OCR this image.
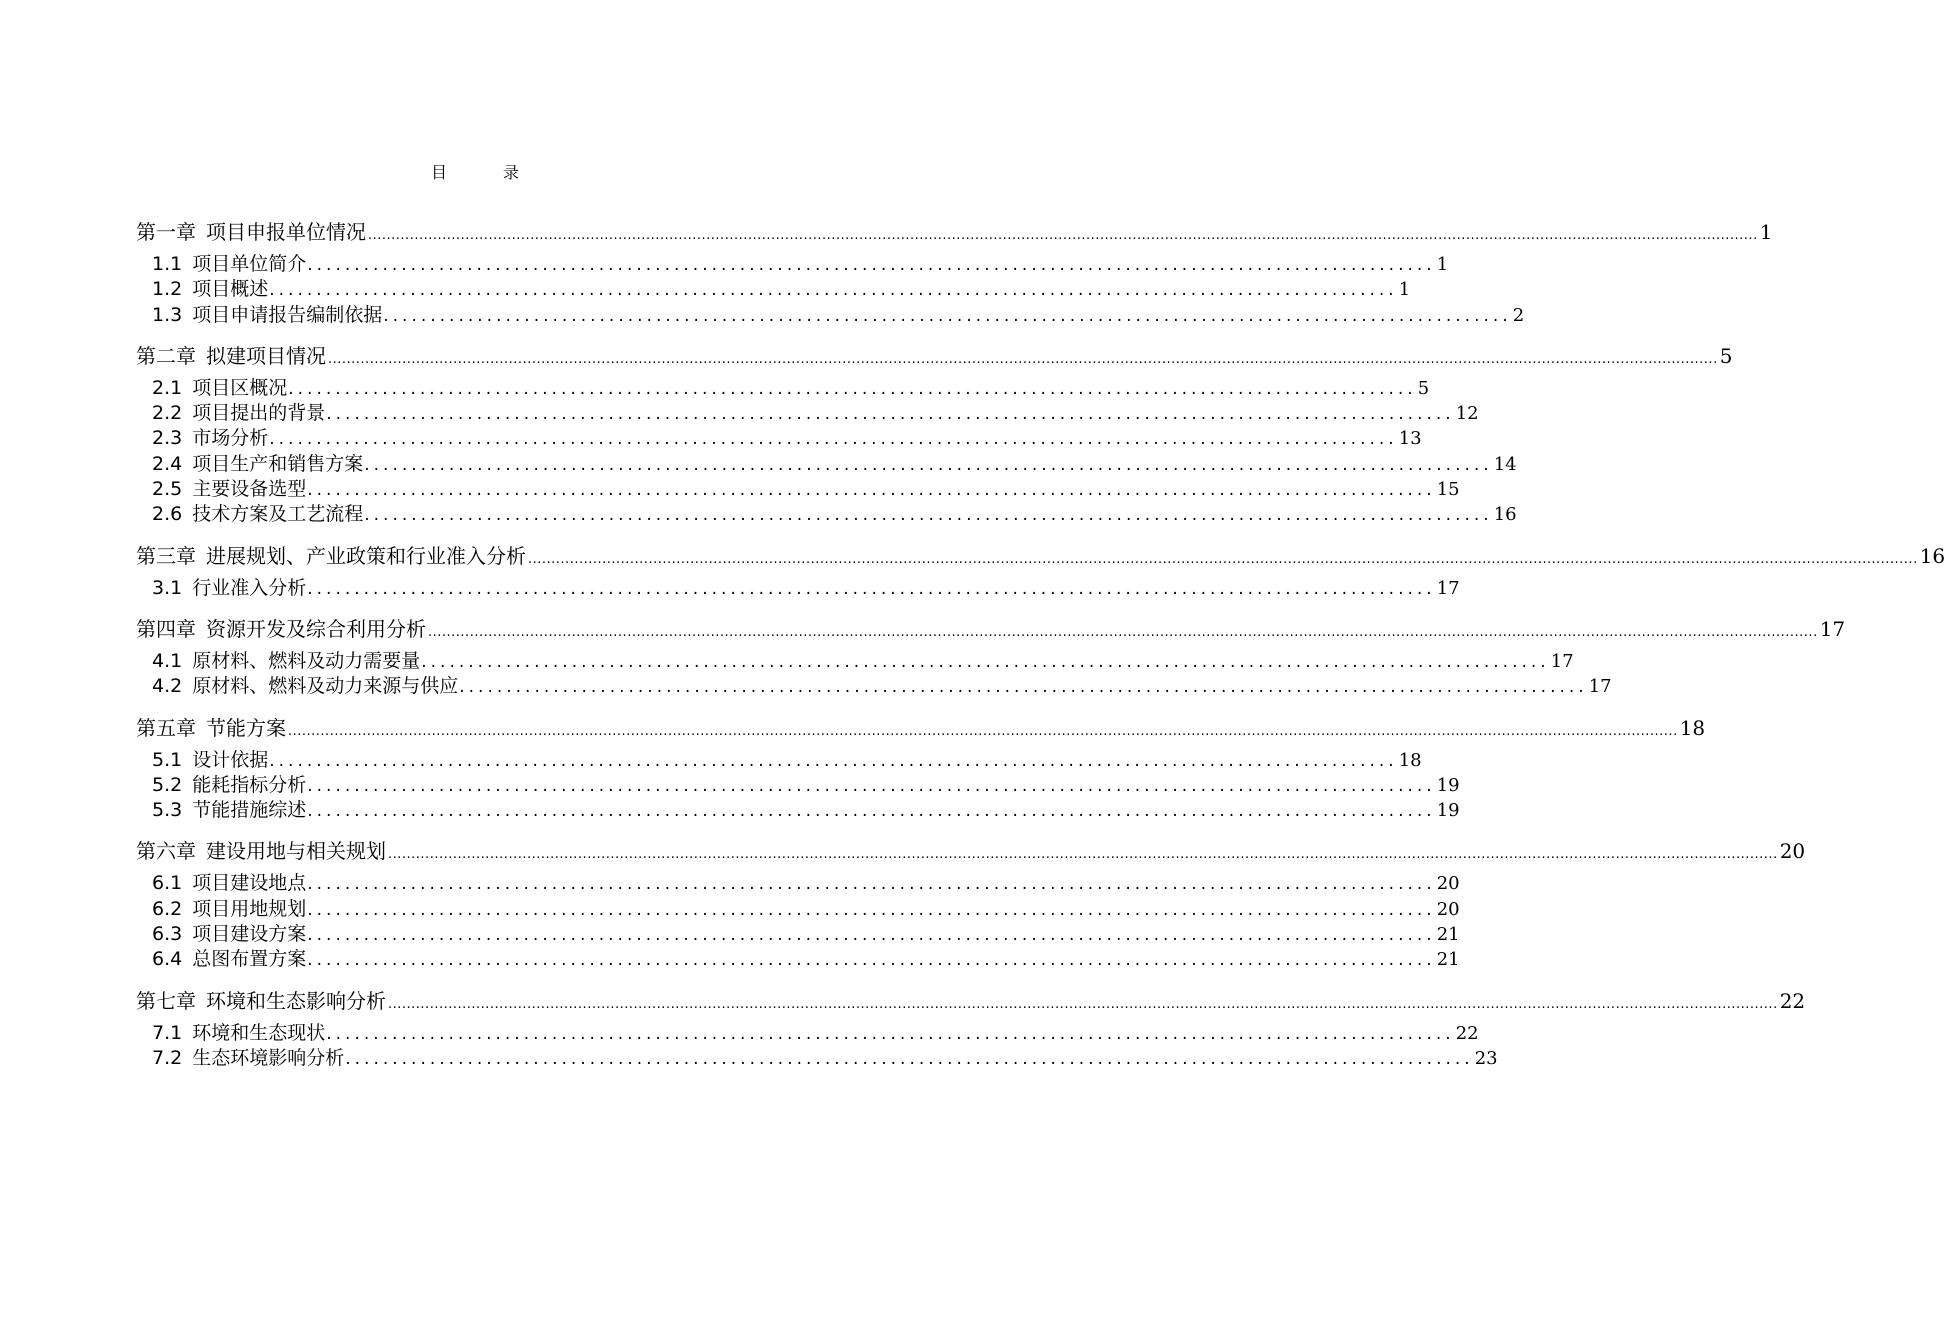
目	录
第一章 项目申报单位情况 ............................................................................................................................................................................................................................................................................................................ 1
1.1 项目单位简介 ........................................................................................................................ 1
1.2 项目概述 ........................................................................................................................ 1
1.3 项目申请报告编制依据 ........................................................................................................................ 2
第二章 拟建项目情况 ............................................................................................................................................................................................................................................................................................................ 5
2.1 项目区概况 ........................................................................................................................ 5
2.2 项目提出的背景 ........................................................................................................................ 12
2.3 市场分析 ........................................................................................................................ 13
2.4 项目生产和销售方案 ........................................................................................................................ 14
2.5 主要设备选型 ........................................................................................................................ 15
2.6 技术方案及工艺流程 ........................................................................................................................ 16
第三章 进展规划、产业政策和行业准入分析 ............................................................................................................................................................................................................................................................................................................ 16
3.1 行业准入分析 ........................................................................................................................ 17
第四章 资源开发及综合利用分析 ............................................................................................................................................................................................................................................................................................................ 17
4.1 原材料、燃料及动力需要量 ........................................................................................................................ 17
4.2 原材料、燃料及动力来源与供应 ........................................................................................................................ 17
第五章 节能方案 ............................................................................................................................................................................................................................................................................................................ 18
5.1 设计依据 ........................................................................................................................ 18
5.2 能耗指标分析 ........................................................................................................................ 19
5.3 节能措施综述 ........................................................................................................................ 19
第六章 建设用地与相关规划 ............................................................................................................................................................................................................................................................................................................ 20
6.1 项目建设地点 ........................................................................................................................ 20
6.2 项目用地规划 ........................................................................................................................ 20
6.3 项目建设方案 ........................................................................................................................ 21
6.4 总图布置方案 ........................................................................................................................ 21
第七章 环境和生态影响分析 ............................................................................................................................................................................................................................................................................................................ 22
7.1 环境和生态现状 ........................................................................................................................ 22
7.2 生态环境影响分析 ........................................................................................................................ 23
